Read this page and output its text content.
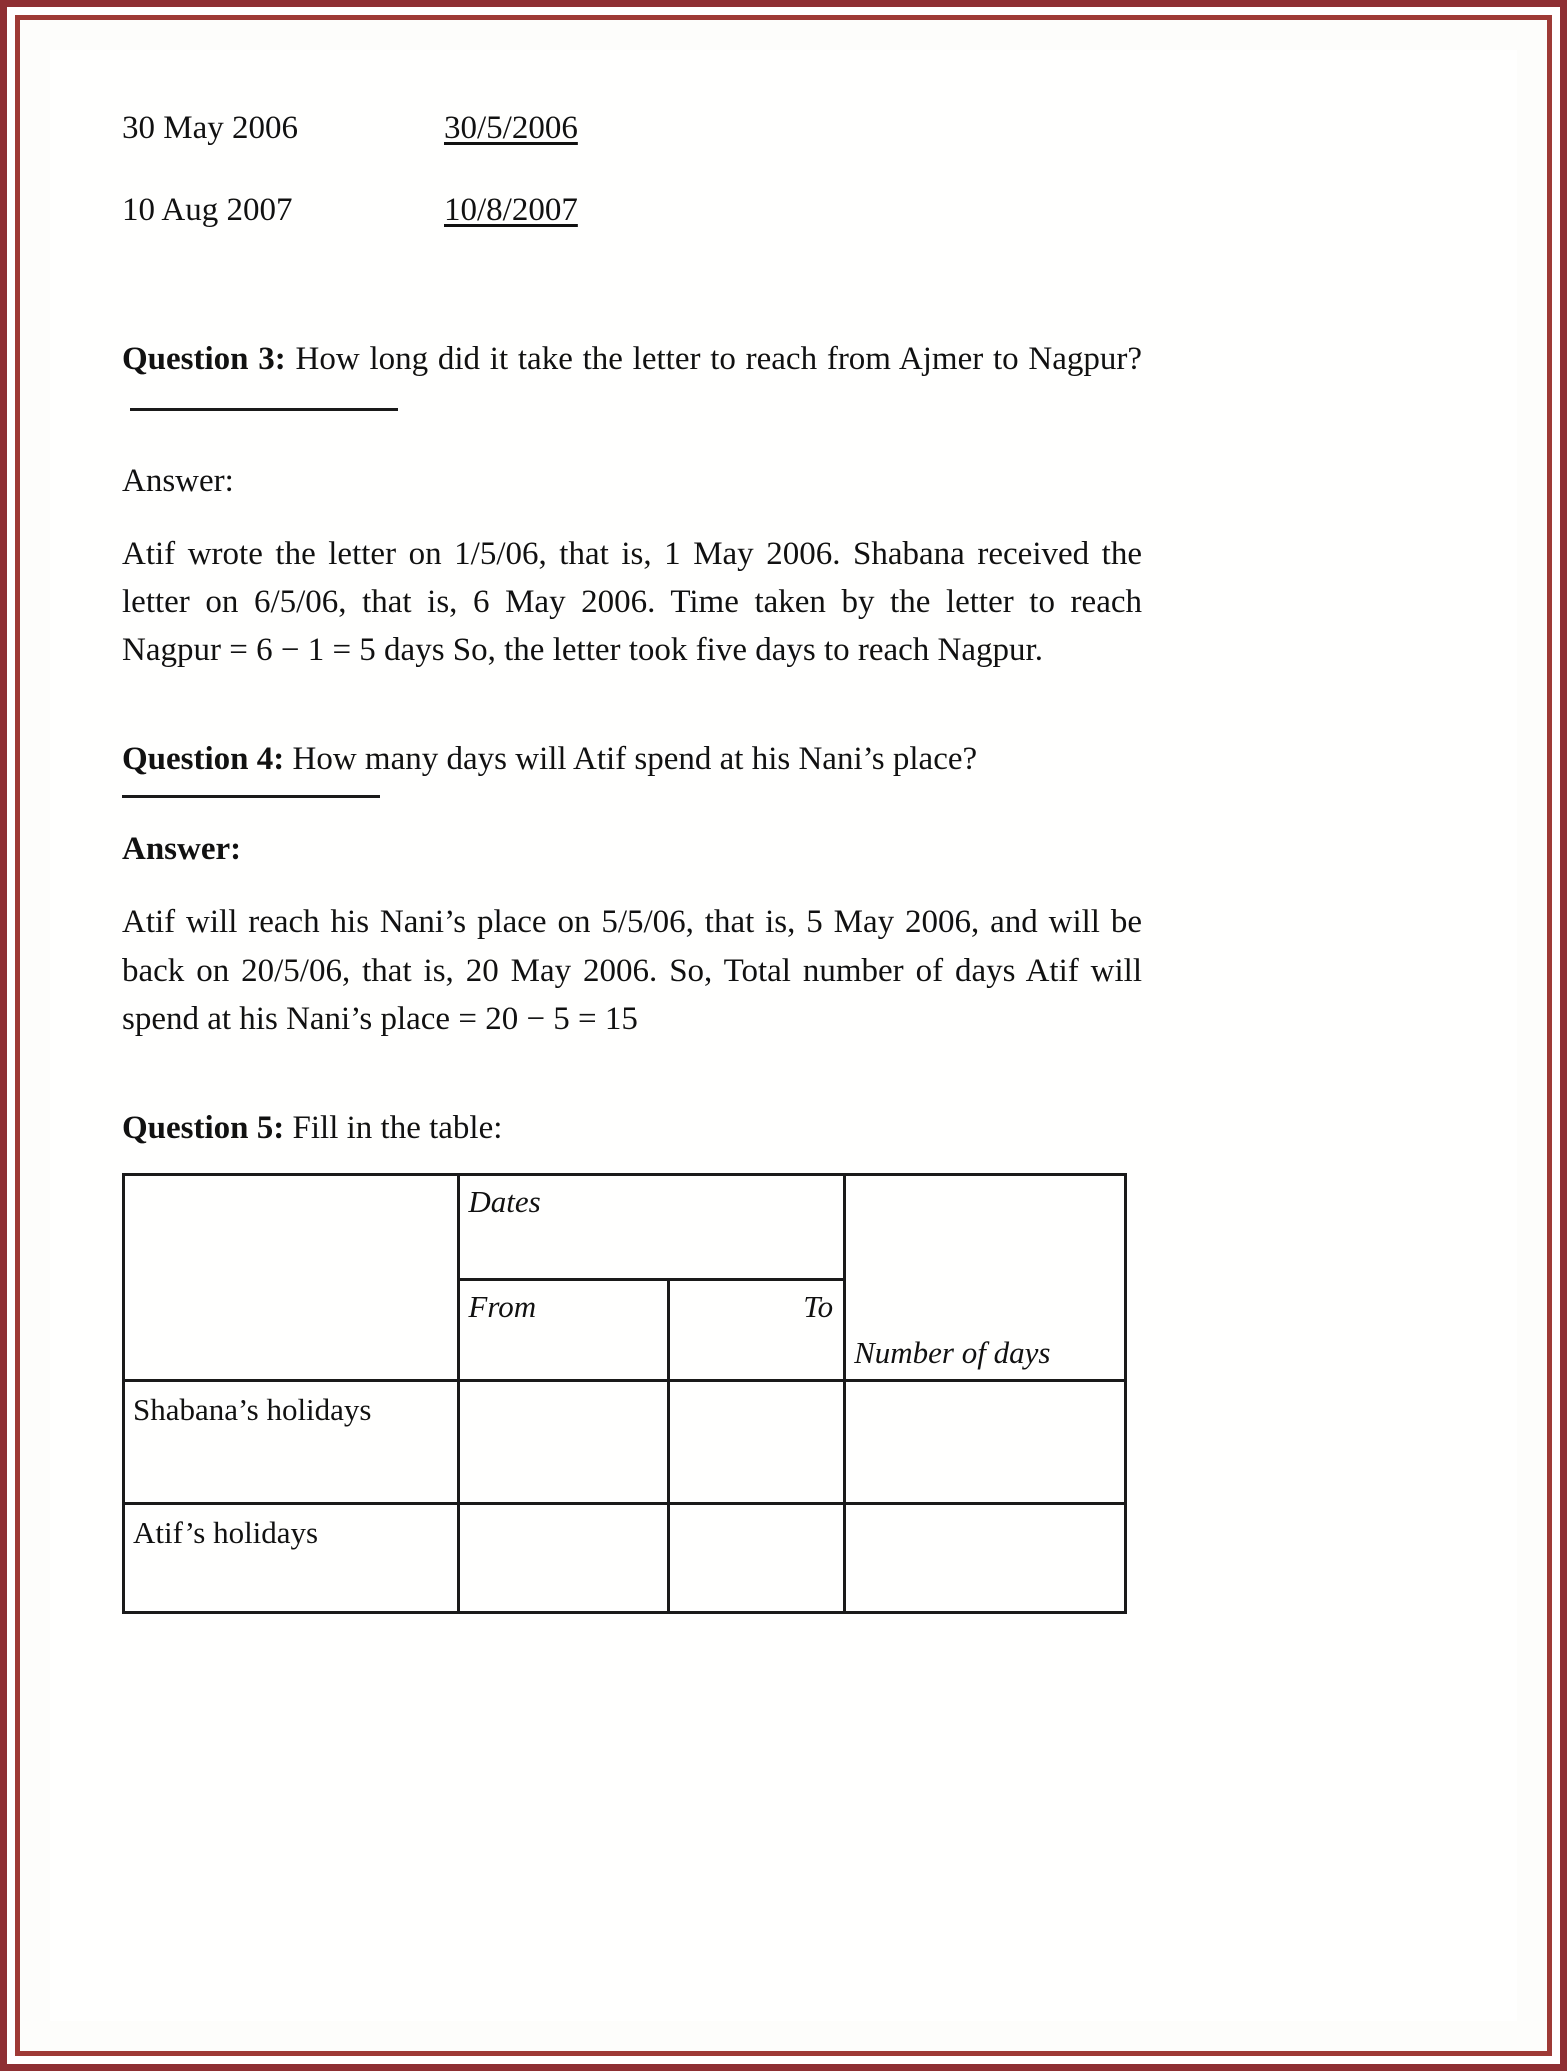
30 May 2006	30/5/2006
10 Aug 2007	10/8/2007
Question 3: How long did it take the letter to reach from Ajmer to Nagpur?
Answer:
Atif wrote the letter on 1/5/06, that is, 1 May 2006. Shabana received the letter on 6/5/06, that is, 6 May 2006. Time taken by the letter to reach Nagpur = 6 − 1 = 5 days So, the letter took five days to reach Nagpur.
Question 4: How many days will Atif spend at his Nani’s place?
Answer:
Atif will reach his Nani’s place on 5/5/06, that is, 5 May 2006, and will be back on 20/5/06, that is, 20 May 2006. So, Total number of days Atif will spend at his Nani’s place = 20 − 5 = 15
Question 5: Fill in the table:
	Dates		Number of days
	From	To	
Shabana’s holidays			
Atif’s holidays			
